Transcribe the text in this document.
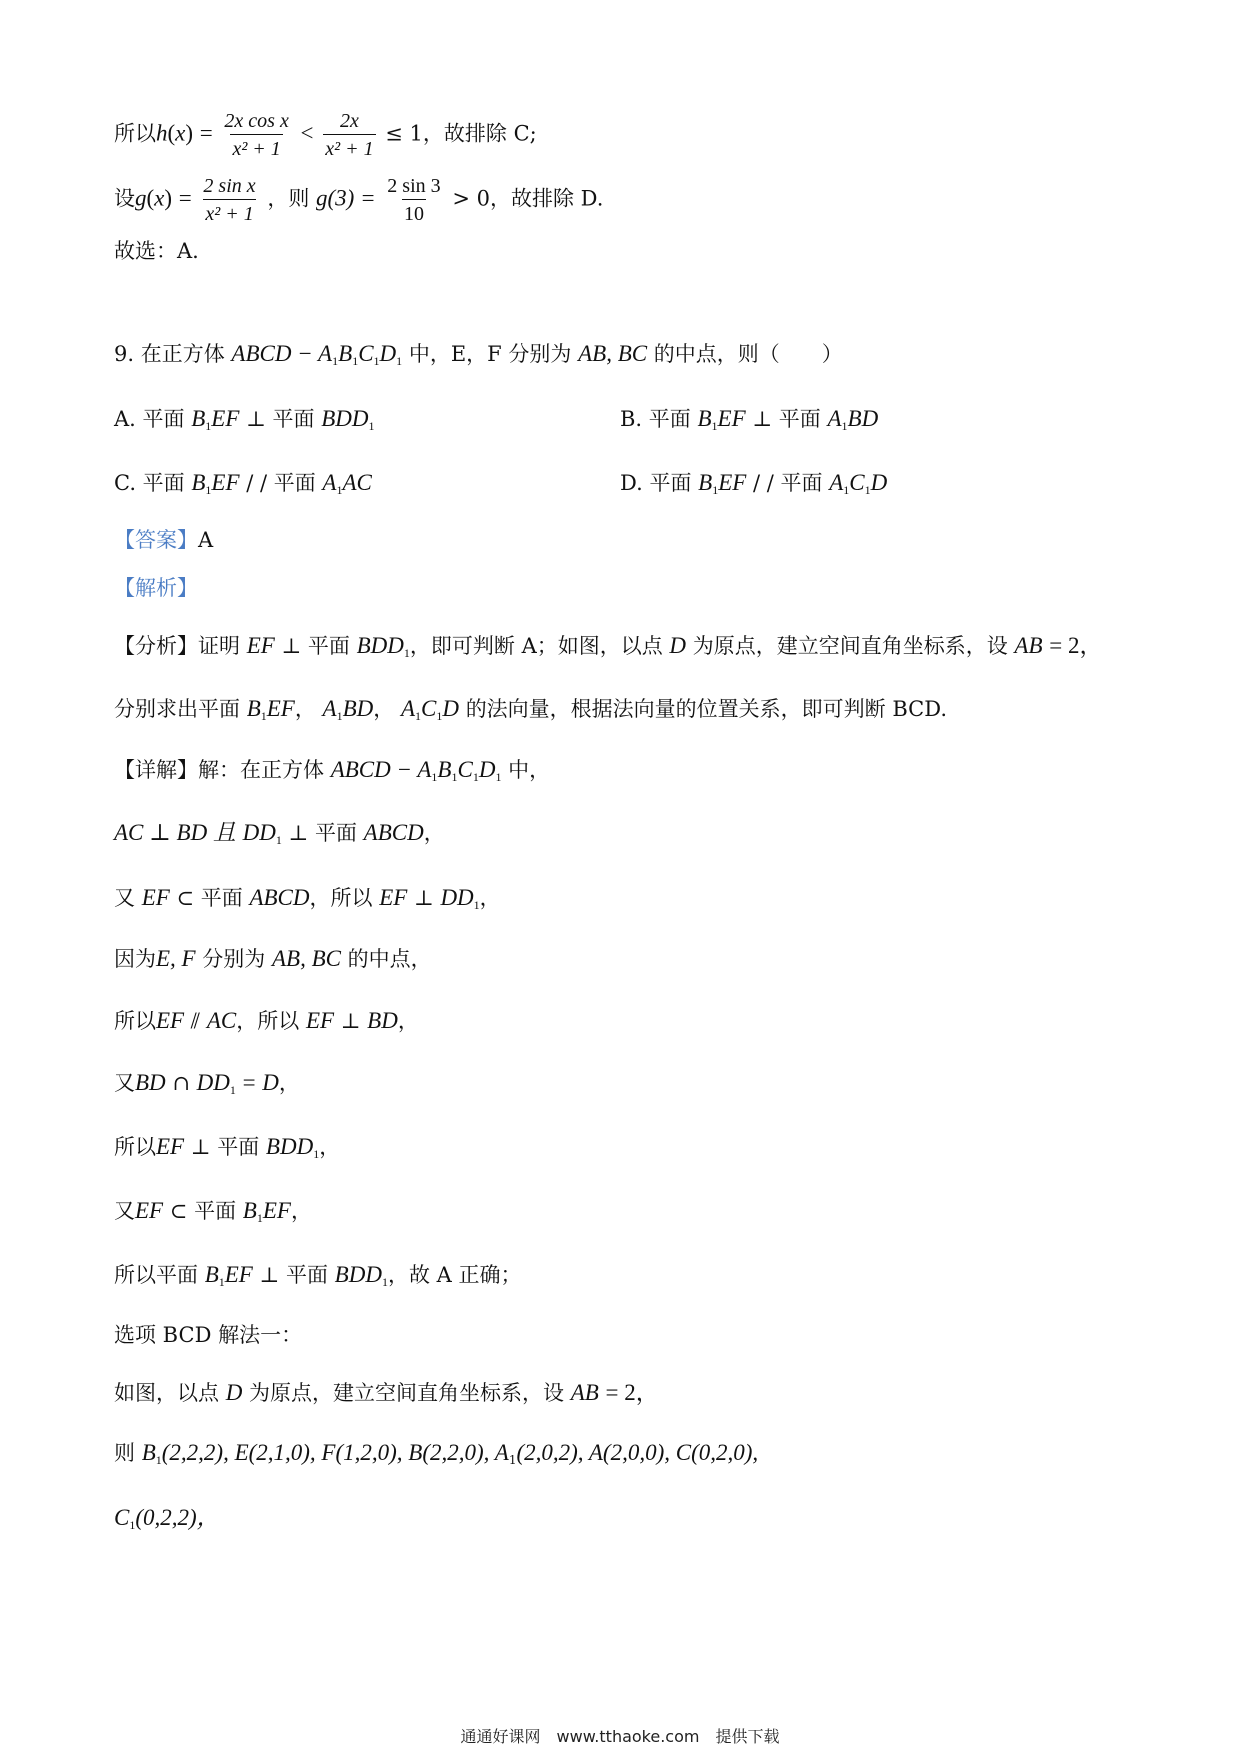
所以$h(x) = \frac{\text{2x cos x}}{\text{x² + 1}} < \frac{2x}{\text{x² + 1}} \le 1$，故排除 C;
设$g(x) = \frac{\text{2 sin x}}{\text{x² + 1}}$ ，则 $g(3) = \frac{2 \sin 3}{10} > 0$，故排除 D.
故选：A.
9. 在正方体 ABCD − $A_1B_1C_1D_1$ 中，E，F 分别为 AB, BC 的中点，则（　　）
A. 平面 $B_1EF$ ⊥ 平面 $BDD_1$	B. 平面 $B_1EF$ ⊥ 平面 $A_1BD$
C. 平面 $B_1EF$ / / 平面 $A_1AC$	D. 平面 $B_1EF$ / / 平面 $A_1C_1D$
【答案】A
【解析】
【分析】证明 EF ⊥ 平面 $BDD_1$，即可判断 A；如图，以点 D 为原点，建立空间直角坐标系，设 AB = 2，
分别求出平面 $B_1EF$， $A_1BD$， $A_1C_1D$ 的法向量，根据法向量的位置关系，即可判断 BCD.
【详解】解：在正方体 ABCD − $A_1B_1C_1D_1$ 中，
AC ⊥ BD 且 $DD_1$ ⊥ 平面 ABCD，
又 EF ⊂ 平面 ABCD，所以 EF ⊥ $DD_1$，
因为E, F 分别为 AB, BC 的中点，
所以EF ⫽ AC，所以 EF ⊥ BD，
又BD ∩ $DD_1 = D$，
所以EF ⊥ 平面 $BDD_1$，
又EF ⊂ 平面 $B_1EF$，
所以平面 $B_1EF$ ⊥ 平面 $BDD_1$，故 A 正确；
选项 BCD 解法一：
如图，以点 D 为原点，建立空间直角坐标系，设 AB = 2，
则 $B_1(2,2,2)$, E(2,1,0), F(1,2,0), B(2,2,0), $A_1(2,0,2)$, A(2,0,0), C(0,2,0),
$C_1(0,2,2)$，
通通好课网　www.tthaoke.com　提供下载
